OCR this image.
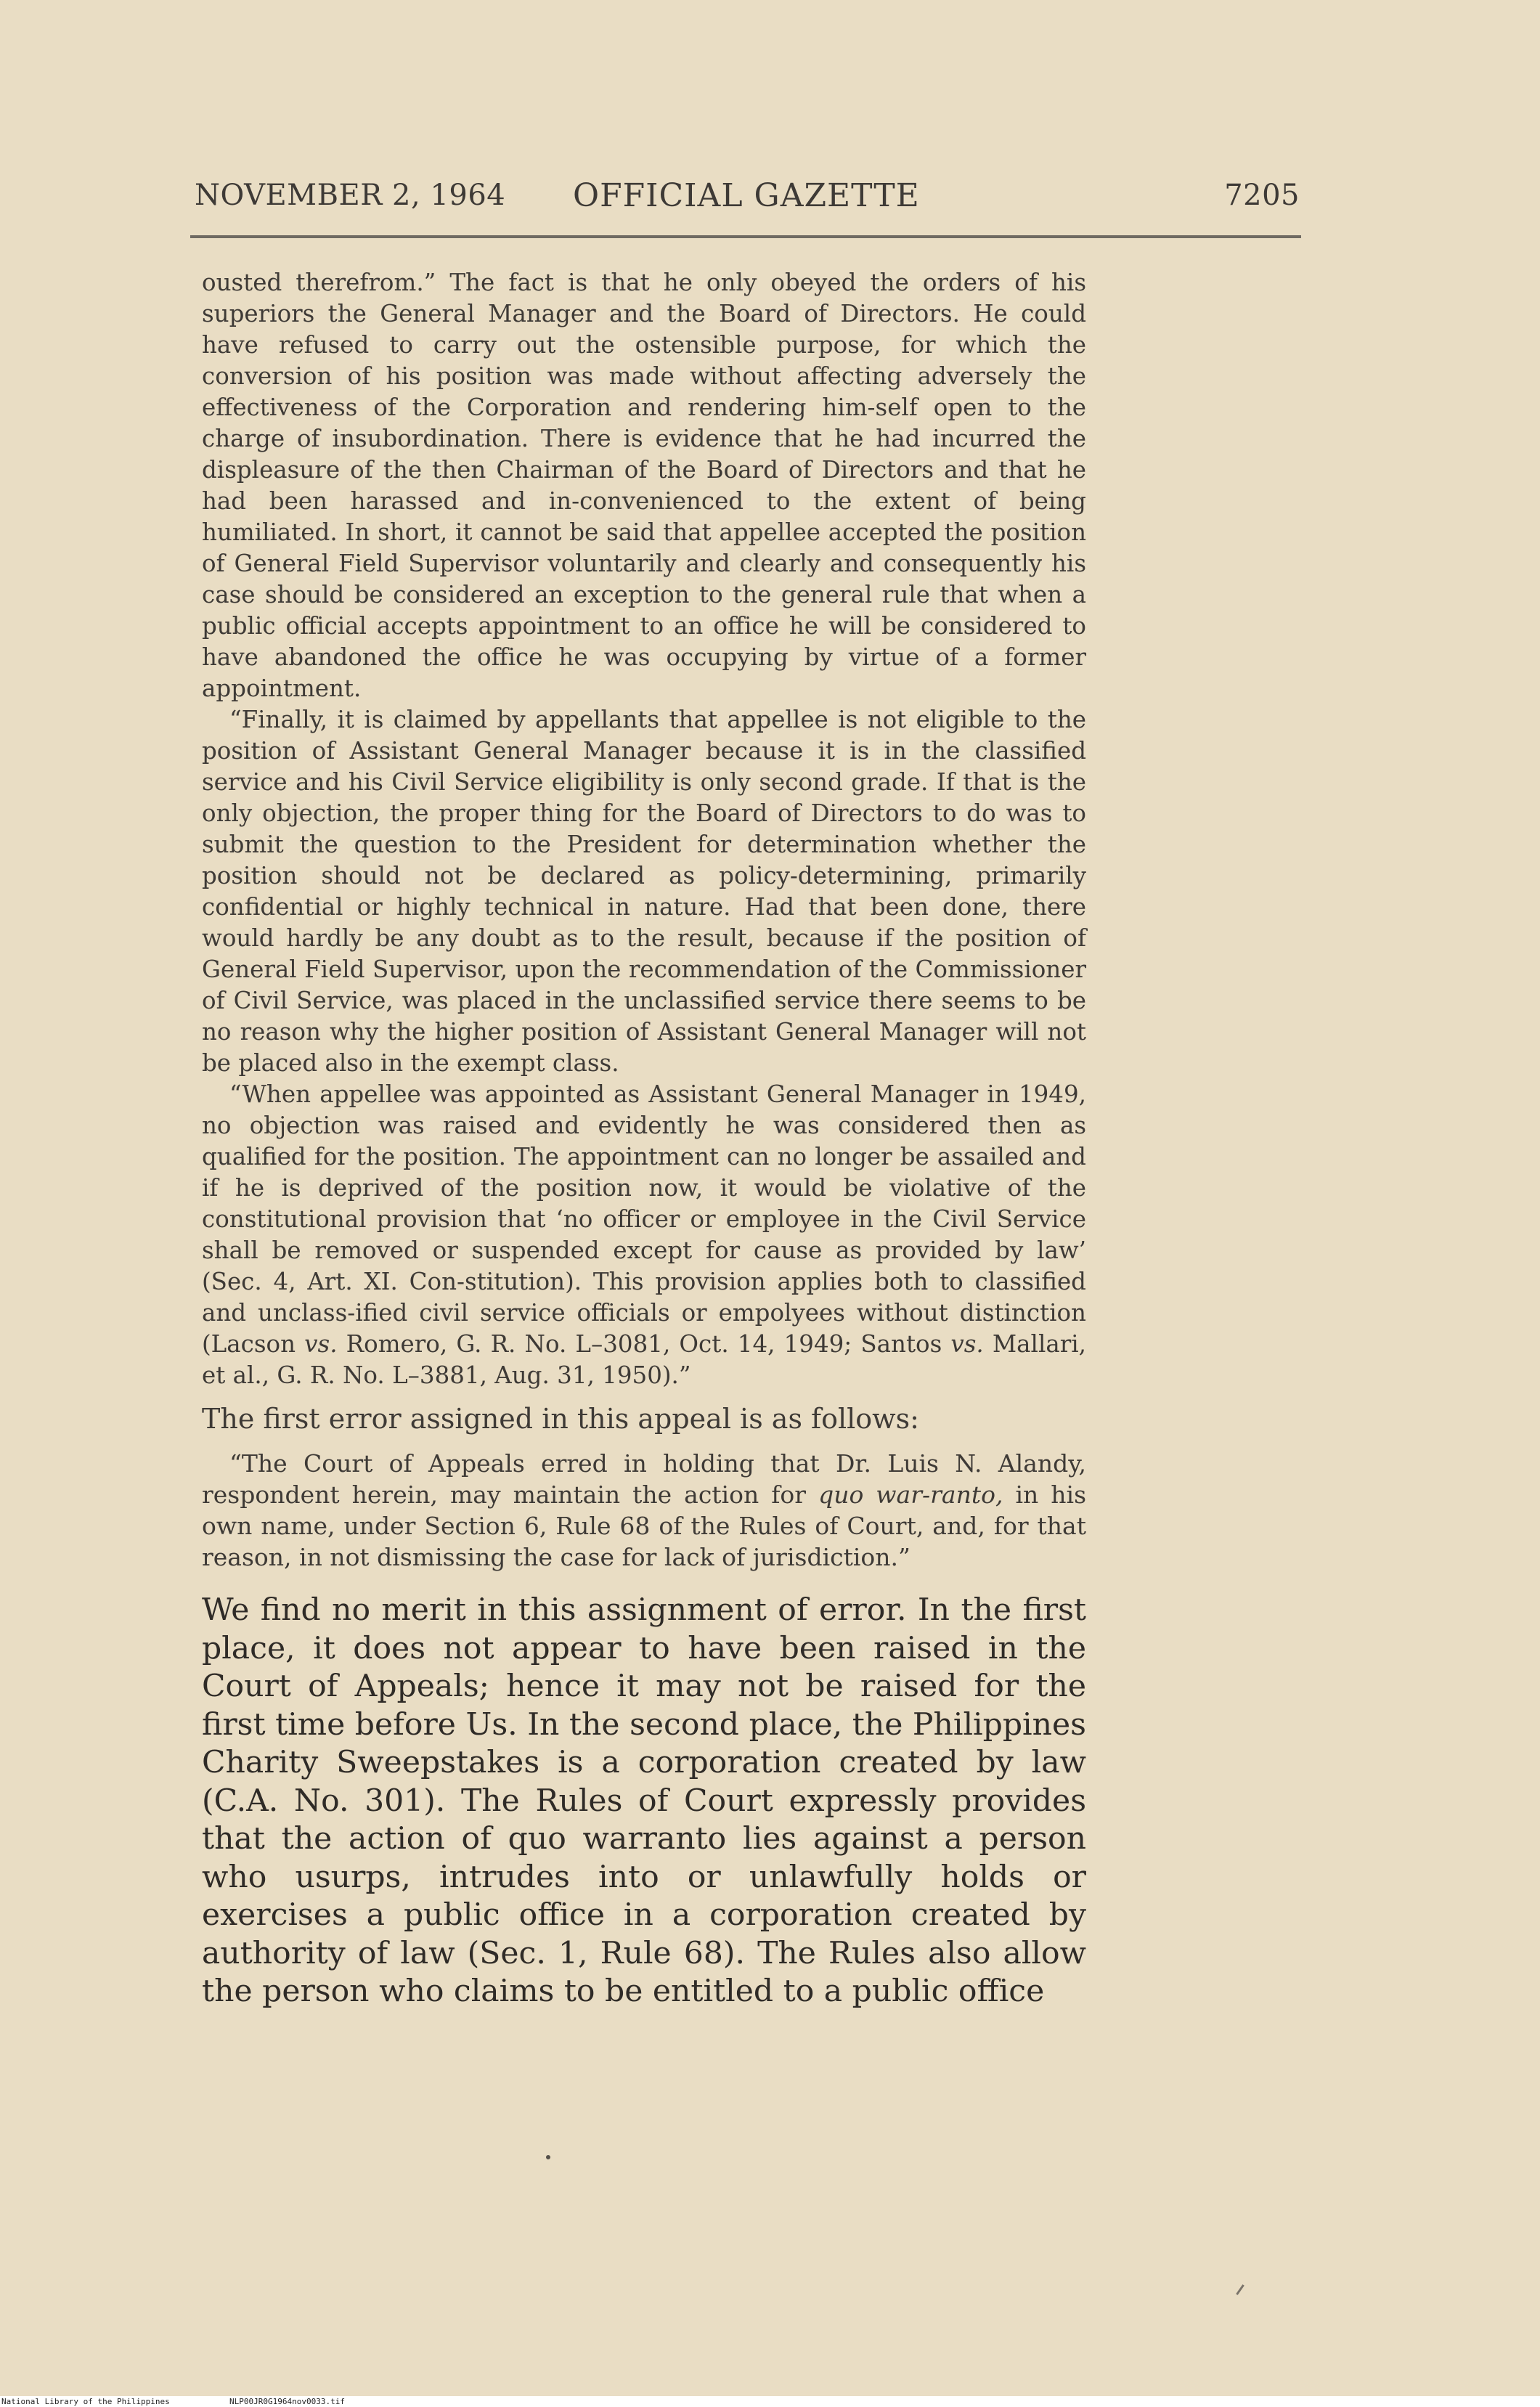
NOVEMBER 2, 1964 OFFICIAL GAZETTE	7205

ousted therefrom.” The fact is that he only obeyed the orders of his superiors the General Manager and the Board of Directors. He could have refused to carry out the ostensible purpose, for which the conversion of his position was made without affecting adversely the effectiveness of the Corporation and rendering him-self open to the charge of insubordination. There is evidence that he had incurred the displeasure of the then Chairman of the Board of Directors and that he had been harassed and in-convenienced to the extent of being humiliated. In short, it cannot be said that appellee accepted the position of General Field Supervisor voluntarily and clearly and consequently his case should be considered an exception to the general rule that when a public official accepts appointment to an office he will be considered to have abandoned the office he was occupying by virtue of a former appointment.

“Finally, it is claimed by appellants that appellee is not eligible to the position of Assistant General Manager because it is in the classified service and his Civil Service eligibility is only second grade. If that is the only objection, the proper thing for the Board of Directors to do was to submit the question to the President for determination whether the position should not be declared as policy-determining, primarily confidential or highly technical in nature. Had that been done, there would hardly be any doubt as to the result, because if the position of General Field Supervisor, upon the recommendation of the Commissioner of Civil Service, was placed in the unclassified service there seems to be no reason why the higher position of Assistant General Manager will not be placed also in the exempt class.

“When appellee was appointed as Assistant General Manager in 1949, no objection was raised and evidently he was considered then as qualified for the position. The appointment can no longer be assailed and if he is deprived of the position now, it would be violative of the constitutional provision that ‘no officer or employee in the Civil Service shall be removed or suspended except for cause as provided by law’ (Sec. 4, Art. XI. Con-stitution). This provision applies both to classified and unclass-ified civil service officials or empolyees without distinction (Lacson vs. Romero, G. R. No. L–3081, Oct. 14, 1949; Santos vs. Mallari, et al., G. R. No. L–3881, Aug. 31, 1950).”

The first error assigned in this appeal is as follows:

“The Court of Appeals erred in holding that Dr. Luis N. Alandy, respondent herein, may maintain the action for quo war-ranto, in his own name, under Section 6, Rule 68 of the Rules of Court, and, for that reason, in not dismissing the case for lack of jurisdiction.”

We find no merit in this assignment of error. In the first place, it does not appear to have been raised in the Court of Appeals; hence it may not be raised for the first time before Us. In the second place, the Philippines Charity Sweepstakes is a corporation created by law (C.A. No. 301). The Rules of Court expressly provides that the action of quo warranto lies against a person who usurps, intrudes into or unlawfully holds or exercises a public office in a corporation created by authority of law (Sec. 1, Rule 68). The Rules also allow the person who claims to be entitled to a public office

National Library of the Philippines	NLP00JR0G1964nov0033.tif
